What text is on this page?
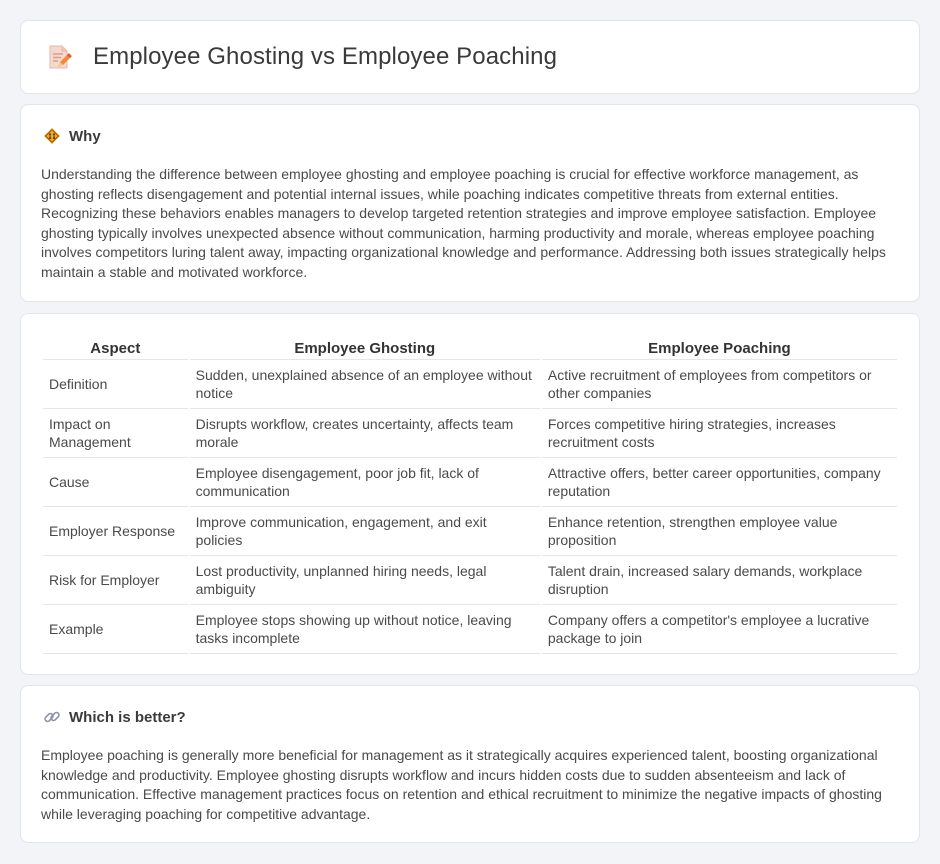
Employee Ghosting vs Employee Poaching
Why

Understanding the difference between employee ghosting and employee poaching is crucial for effective workforce management, as ghosting reflects disengagement and potential internal issues, while poaching indicates competitive threats from external entities. Recognizing these behaviors enables managers to develop targeted retention strategies and improve employee satisfaction. Employee ghosting typically involves unexpected absence without communication, harming productivity and morale, whereas employee poaching involves competitors luring talent away, impacting organizational knowledge and performance. Addressing both issues strategically helps maintain a stable and motivated workforce.

Aspect	Employee Ghosting	Employee Poaching
Definition	Sudden, unexplained absence of an employee without notice	Active recruitment of employees from competitors or other companies
Impact on Management	Disrupts workflow, creates uncertainty, affects team morale	Forces competitive hiring strategies, increases recruitment costs
Cause	Employee disengagement, poor job fit, lack of communication	Attractive offers, better career opportunities, company reputation
Employer Response	Improve communication, engagement, and exit policies	Enhance retention, strengthen employee value proposition
Risk for Employer	Lost productivity, unplanned hiring needs, legal ambiguity	Talent drain, increased salary demands, workplace disruption
Example	Employee stops showing up without notice, leaving tasks incomplete	Company offers a competitor's employee a lucrative package to join
Which is better?

Employee poaching is generally more beneficial for management as it strategically acquires experienced talent, boosting organizational knowledge and productivity. Employee ghosting disrupts workflow and incurs hidden costs due to sudden absenteeism and lack of communication. Effective management practices focus on retention and ethical recruitment to minimize the negative impacts of ghosting while leveraging poaching for competitive advantage.
